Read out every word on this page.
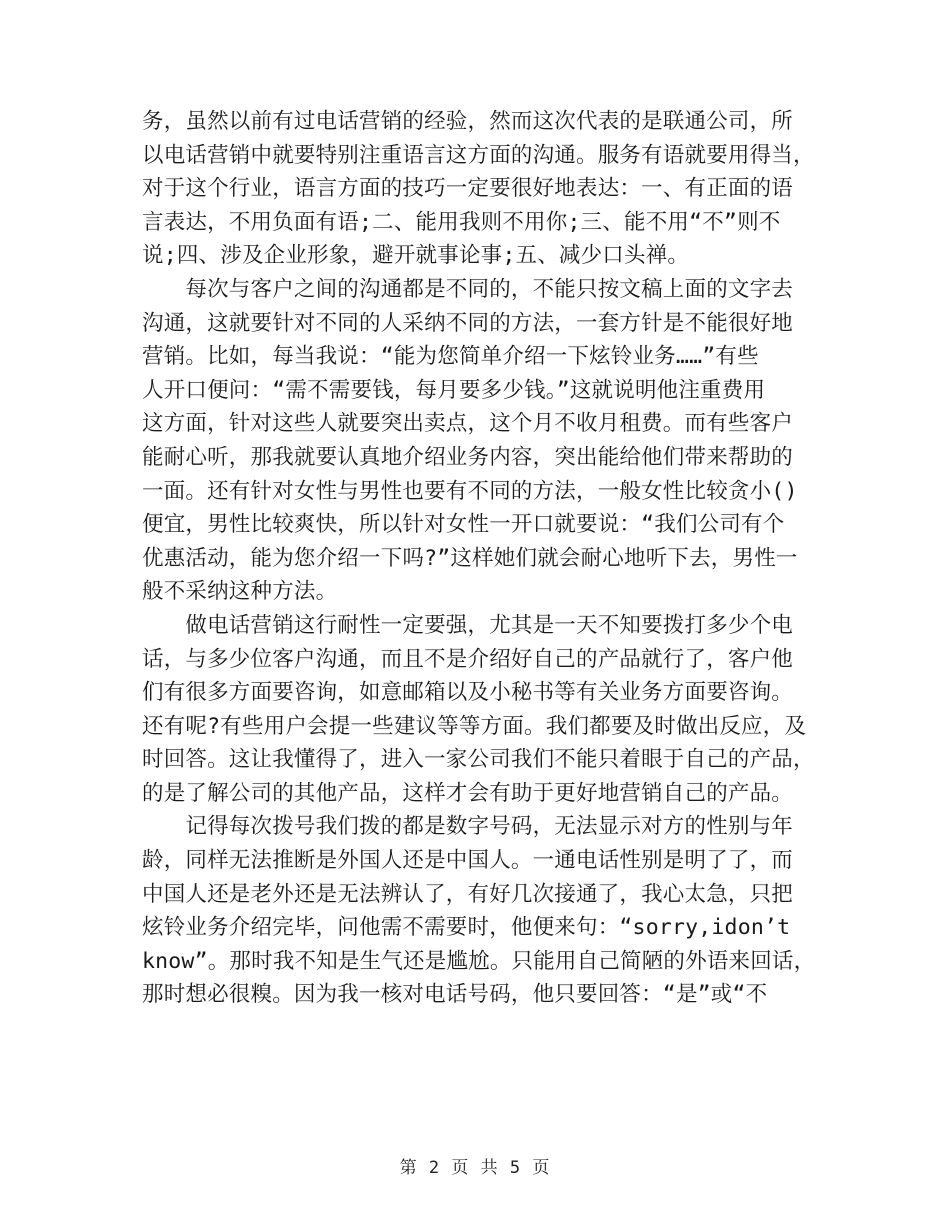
务，虽然以前有过电话营销的经验，然而这次代表的是联通公司，所
以电话营销中就要特别注重语言这方面的沟通。服务有语就要用得当，
对于这个行业，语言方面的技巧一定要很好地表达：一、有正面的语
言表达，不用负面有语;二、能用我则不用你;三、能不用“不”则不
说;四、涉及企业形象，避开就事论事;五、减少口头禅。
　　每次与客户之间的沟通都是不同的，不能只按文稿上面的文字去
沟通，这就要针对不同的人采纳不同的方法，一套方针是不能很好地
营销。比如，每当我说：“能为您简单介绍一下炫铃业务……”有些
人开口便问：“需不需要钱，每月要多少钱。”这就说明他注重费用
这方面，针对这些人就要突出卖点，这个月不收月租费。而有些客户
能耐心听，那我就要认真地介绍业务内容，突出能给他们带来帮助的
一面。还有针对女性与男性也要有不同的方法，一般女性比较贪小()
便宜，男性比较爽快，所以针对女性一开口就要说：“我们公司有个
优惠活动，能为您介绍一下吗?”这样她们就会耐心地听下去，男性一
般不采纳这种方法。
　　做电话营销这行耐性一定要强，尤其是一天不知要拨打多少个电
话，与多少位客户沟通，而且不是介绍好自己的产品就行了，客户他
们有很多方面要咨询，如意邮箱以及小秘书等有关业务方面要咨询。
还有呢?有些用户会提一些建议等等方面。我们都要及时做出反应，及
时回答。这让我懂得了，进入一家公司我们不能只着眼于自己的产品，
的是了解公司的其他产品，这样才会有助于更好地营销自己的产品。
　　记得每次拨号我们拨的都是数字号码，无法显示对方的性别与年
龄，同样无法推断是外国人还是中国人。一通电话性别是明了了，而
中国人还是老外还是无法辨认了，有好几次接通了，我心太急，只把
炫铃业务介绍完毕，问他需不需要时，他便来句：“sorry,idon’t
know”。那时我不知是生气还是尴尬。只能用自己简陋的外语来回话，
那时想必很糗。因为我一核对电话号码，他只要回答：“是”或“不
第 2 页 共 5 页
